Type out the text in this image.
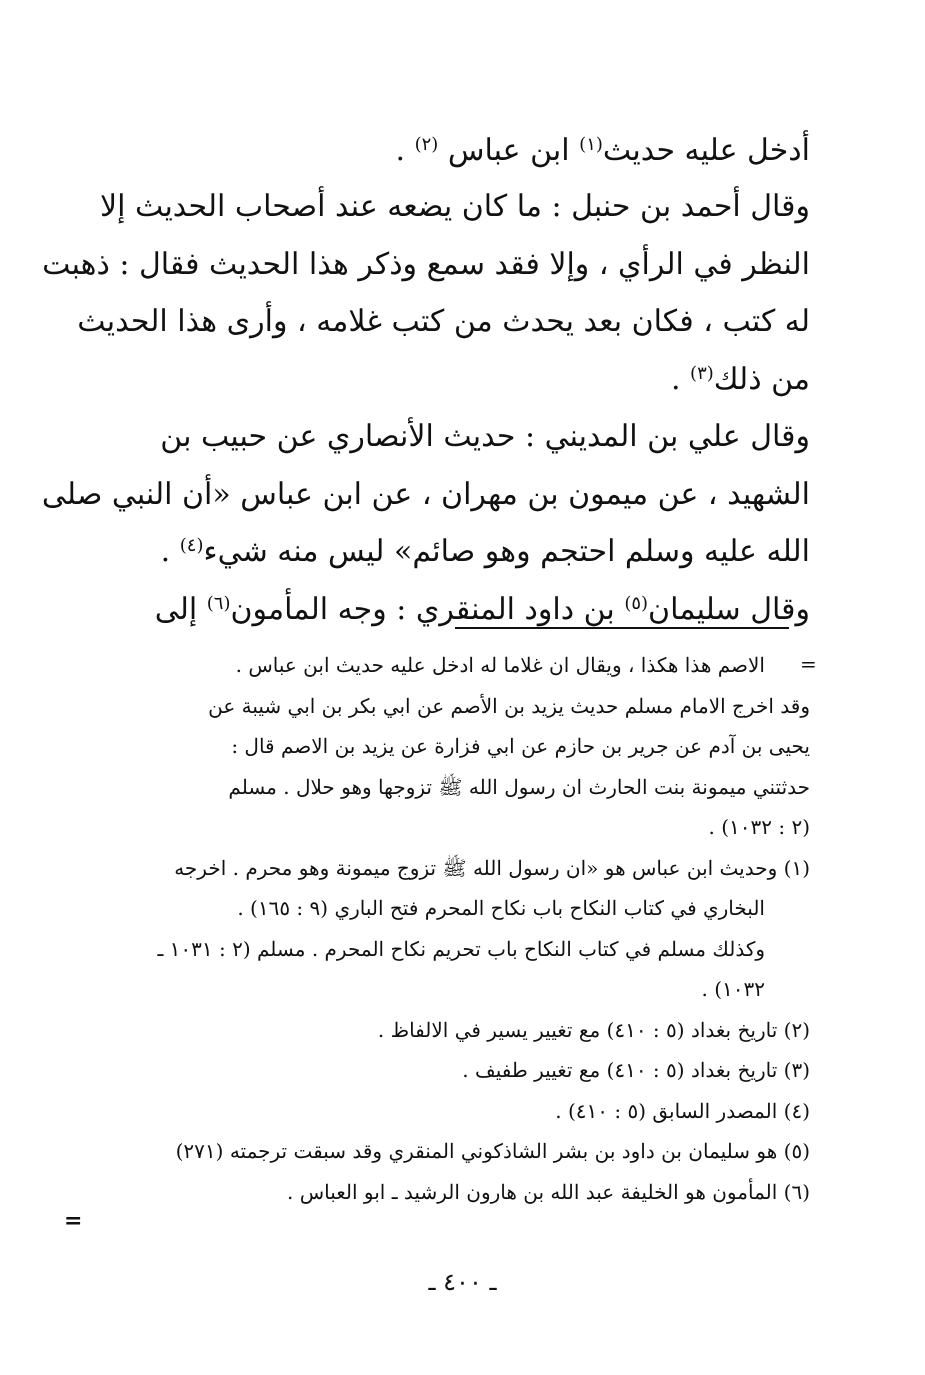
أدخل عليه حديث$^{(١)}$ ابن عباس $^{(٢)}$ .
وقال أحمد بن حنبل : ما كان يضعه عند أصحاب الحديث إلا
النظر في الرأي ، وإلا فقد سمع وذكر هذا الحديث فقال : ذهبت
له كتب ، فكان بعد يحدث من كتب غلامه ، وأرى هذا الحديث
من ذلك$^{(٣)}$ .
وقال علي بن المديني : حديث الأنصاري عن حبيب بن
الشهيد ، عن ميمون بن مهران ، عن ابن عباس «أن النبي صلى
الله عليه وسلم احتجم وهو صائم» ليس منه شيء$^{(٤)}$ .
وقال سليمان$^{(٥)}$ بن داود المنقري : وجه المأمون$^{(٦)}$ إلى
=
الاصم هذا هكذا ، ويقال ان غلاما له ادخل عليه حديث ابن عباس .
وقد اخرج الامام مسلم حديث يزيد بن الأصم عن ابي بكر بن ابي شيبة عن
يحيى بن آدم عن جرير بن حازم عن ابي فزارة عن يزيد بن الاصم قال :
حدثتني ميمونة بنت الحارث ان رسول الله ﷺ تزوجها وهو حلال . مسلم
(٢ : ١٠٣٢) .
(١) وحديث ابن عباس هو «ان رسول الله ﷺ تزوج ميمونة وهو محرم . اخرجه
البخاري في كتاب النكاح باب نكاح المحرم فتح الباري (٩ : ١٦٥) .
وكذلك مسلم في كتاب النكاح باب تحريم نكاح المحرم . مسلم (٢ : ١٠٣١ ـ
١٠٣٢) .
(٢) تاريخ بغداد (٥ : ٤١٠) مع تغيير يسير في الالفاظ .
(٣) تاريخ بغداد (٥ : ٤١٠) مع تغيير طفيف .
(٤) المصدر السابق (٥ : ٤١٠) .
(٥) هو سليمان بن داود بن بشر الشاذكوني المنقري وقد سبقت ترجمته (٢٧١)
(٦) المأمون هو الخليفة عبد الله بن هارون الرشيد ـ ابو العباس .
=
ـ ٤٠٠ ـ
